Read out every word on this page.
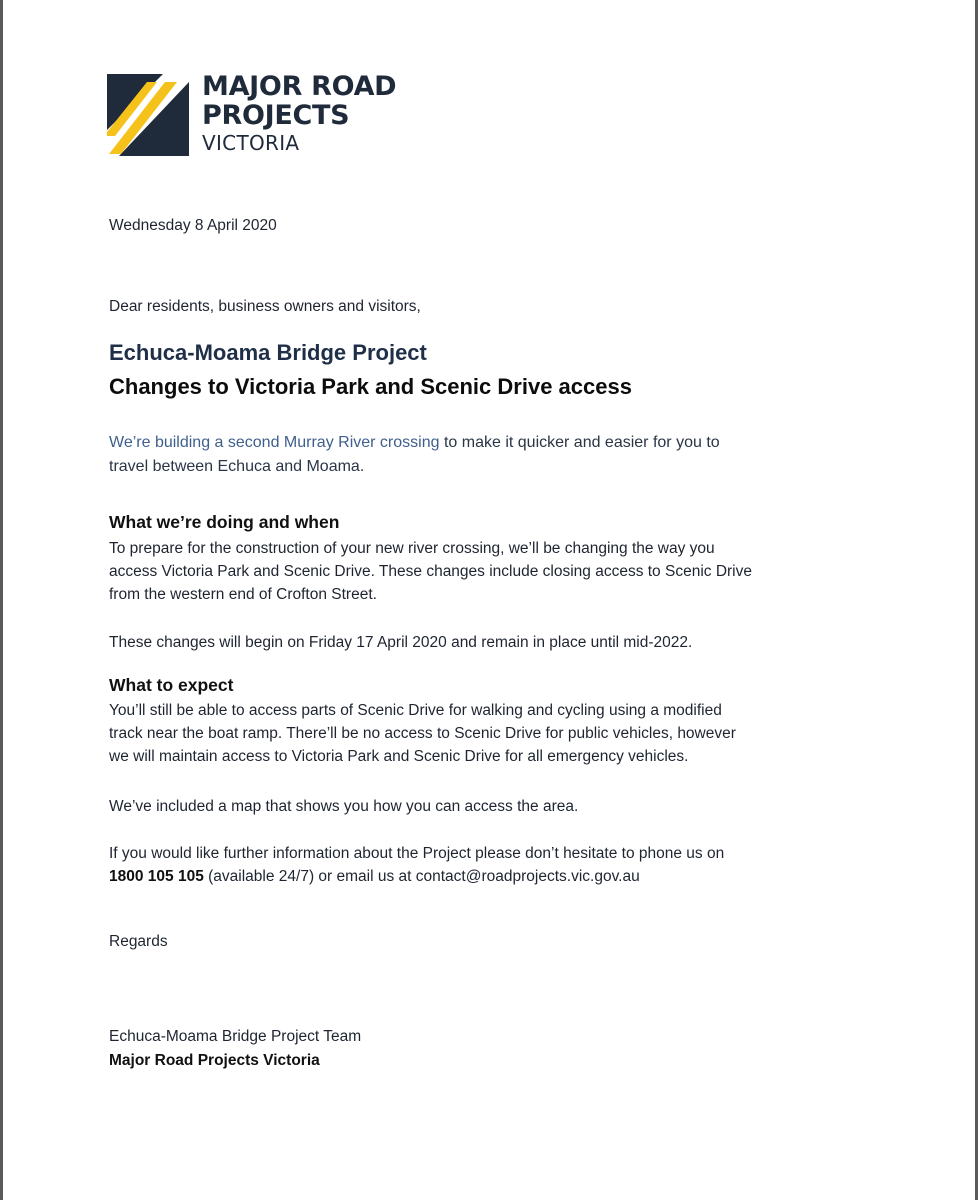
MAJOR ROAD
PROJECTS
VICTORIA

Wednesday 8 April 2020

Dear residents, business owners and visitors,

Echuca-Moama Bridge Project
Changes to Victoria Park and Scenic Drive access

We’re building a second Murray River crossing to make it quicker and easier for you to
travel between Echuca and Moama.

What we’re doing and when

To prepare for the construction of your new river crossing, we’ll be changing the way you
access Victoria Park and Scenic Drive. These changes include closing access to Scenic Drive
from the western end of Crofton Street.

These changes will begin on Friday 17 April 2020 and remain in place until mid-2022.

What to expect

You’ll still be able to access parts of Scenic Drive for walking and cycling using a modified
track near the boat ramp. There’ll be no access to Scenic Drive for public vehicles, however
we will maintain access to Victoria Park and Scenic Drive for all emergency vehicles.

We’ve included a map that shows you how you can access the area.

If you would like further information about the Project please don’t hesitate to phone us on
1800 105 105 (available 24/7) or email us at contact@roadprojects.vic.gov.au

Regards

Echuca-Moama Bridge Project Team

Major Road Projects Victoria
